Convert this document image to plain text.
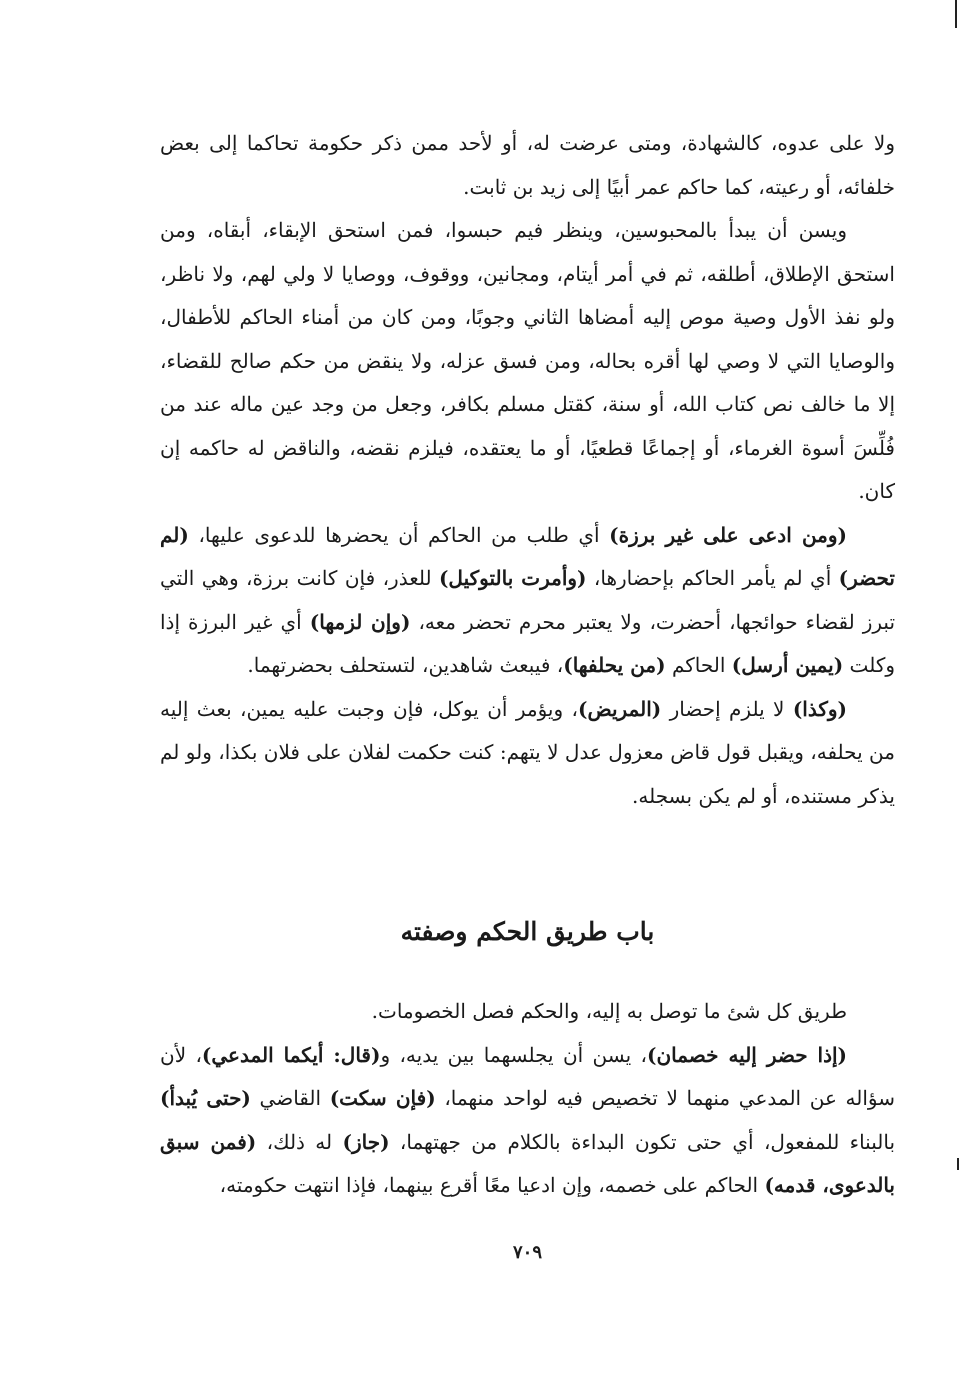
ولا على عدوه، كالشهادة، ومتى عرضت له، أو لأحد ممن ذكر حكومة تحاكما إلى بعض خلفائه، أو رعيته، كما حاكم عمر أبيًا إلى زيد بن ثابت.

ويسن أن يبدأ بالمحبوسين، وينظر فيم حبسوا، فمن استحق الإبقاء، أبقاه، ومن استحق الإطلاق، أطلقه، ثم في أمر أيتام، ومجانين، ووقوف، ووصايا لا ولي لهم، ولا ناظر، ولو نفذ الأول وصية موص إليه أمضاها الثاني وجوبًا، ومن كان من أمناء الحاكم للأطفال، والوصايا التي لا وصي لها أقره بحاله، ومن فسق عزله، ولا ينقض من حكم صالح للقضاء، إلا ما خالف نص كتاب الله، أو سنة، كقتل مسلم بكافر، وجعل من وجد عين ماله عند من فُلِّسَ أسوة الغرماء، أو إجماعًا قطعيًا، أو ما يعتقده، فيلزم نقضه، والناقض له حاكمه إن كان.

(ومن ادعى على غير برزة) أي طلب من الحاكم أن يحضرها للدعوى عليها، (لم تحضر) أي لم يأمر الحاكم بإحضارها، (وأمرت بالتوكيل) للعذر، فإن كانت برزة، وهي التي تبرز لقضاء حوائجها، أحضرت، ولا يعتبر محرم تحضر معه، (وإن لزمها) أي غير البرزة إذا وكلت (يمين أرسل) الحاكم (من يحلفها)، فيبعث شاهدين، لتستحلف بحضرتهما.

(وكذا) لا يلزم إحضار (المريض)، ويؤمر أن يوكل، فإن وجبت عليه يمين، بعث إليه من يحلفه، ويقبل قول قاض معزول عدل لا يتهم: كنت حكمت لفلان على فلان بكذا، ولو لم يذكر مستنده، أو لم يكن بسجله.

باب طريق الحكم وصفته

طريق كل شئ ما توصل به إليه، والحكم فصل الخصومات.

(إذا حضر إليه خصمان)، يسن أن يجلسهما بين يديه، و(قال: أيكما المدعي)، لأن سؤاله عن المدعي منهما لا تخصيص فيه لواحد منهما، (فإن سكت) القاضي (حتى يُبدأ) بالبناء للمفعول، أي حتى تكون البداءة بالكلام من جهتهما، (جاز) له ذلك، (فمن سبق بالدعوى، قدمه) الحاكم على خصمه، وإن ادعيا معًا أقرع بينهما، فإذا انتهت حكومته،

٧٠٩
